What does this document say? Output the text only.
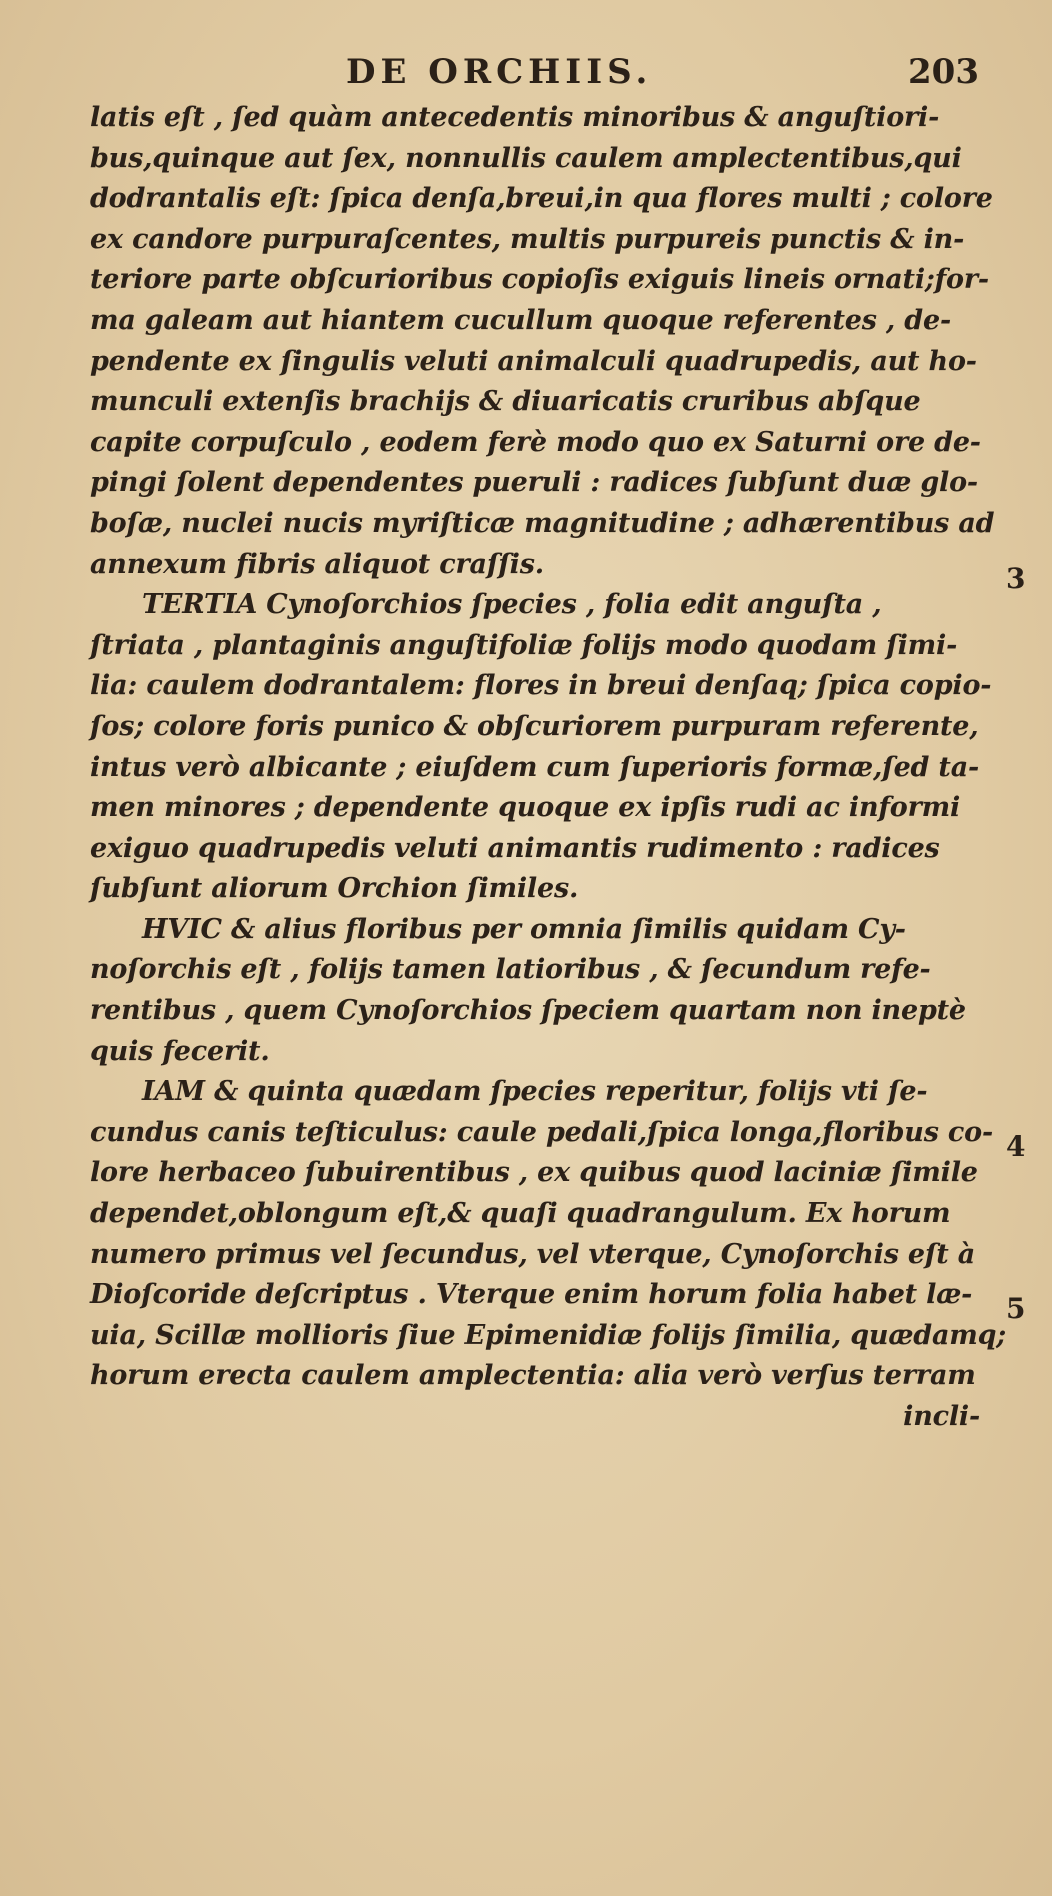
DE ORCHIIS.	203
latis eſt , ſed quàm antecedentis minoribus & anguſtiori-
bus,quinque aut ſex, nonnullis caulem amplectentibus,qui
dodrantalis eſt: ſpica denſa,breui,in qua flores multi ; colore
ex candore purpuraſcentes, multis purpureis punctis & in-
teriore parte obſcurioribus copioſis exiguis lineis ornati;for-
ma galeam aut hiantem cucullum quoque referentes , de-
pendente ex ſingulis veluti animalculi quadrupedis, aut ho-
munculi extenſis brachijs & diuaricatis cruribus abſque
capite corpuſculo , eodem ferè modo quo ex Saturni ore de-
pingi ſolent dependentes pueruli : radices ſubſunt duæ glo-
boſæ, nuclei nucis myriſticæ magnitudine ; adhærentibus ad
annexum fibris aliquot craſſis.
TERTIA Cynoſorchios ſpecies , folia edit anguſta ,
ſtriata , plantaginis anguſtifoliæ folijs modo quodam ſimi-
lia: caulem dodrantalem: flores in breui denſaq; ſpica copio-
ſos; colore foris punico & obſcuriorem purpuram referente,
intus verò albicante ; eiuſdem cum ſuperioris formæ,ſed ta-
men minores ; dependente quoque ex ipſis rudi ac informi
exiguo quadrupedis veluti animantis rudimento : radices
ſubſunt aliorum Orchion ſimiles.
HVIC & alius floribus per omnia ſimilis quidam Cy-
noſorchis eſt , folijs tamen latioribus , & ſecundum refe-
rentibus , quem Cynoſorchios ſpeciem quartam non ineptè
quis fecerit.
IAM & quinta quædam ſpecies reperitur, folijs vti ſe-
cundus canis teſticulus: caule pedali,ſpica longa,floribus co-
lore herbaceo ſubuirentibus , ex quibus quod laciniæ ſimile
dependet,oblongum eſt,& quaſi quadrangulum. Ex horum
numero primus vel ſecundus, vel vterque, Cynoſorchis eſt à
Dioſcoride deſcriptus . Vterque enim horum folia habet læ-
uia, Scillæ mollioris ſiue Epimenidiæ folijs ſimilia, quædamq;
horum erecta caulem amplectentia: alia verò verſus terram
incli-
3
4
5
